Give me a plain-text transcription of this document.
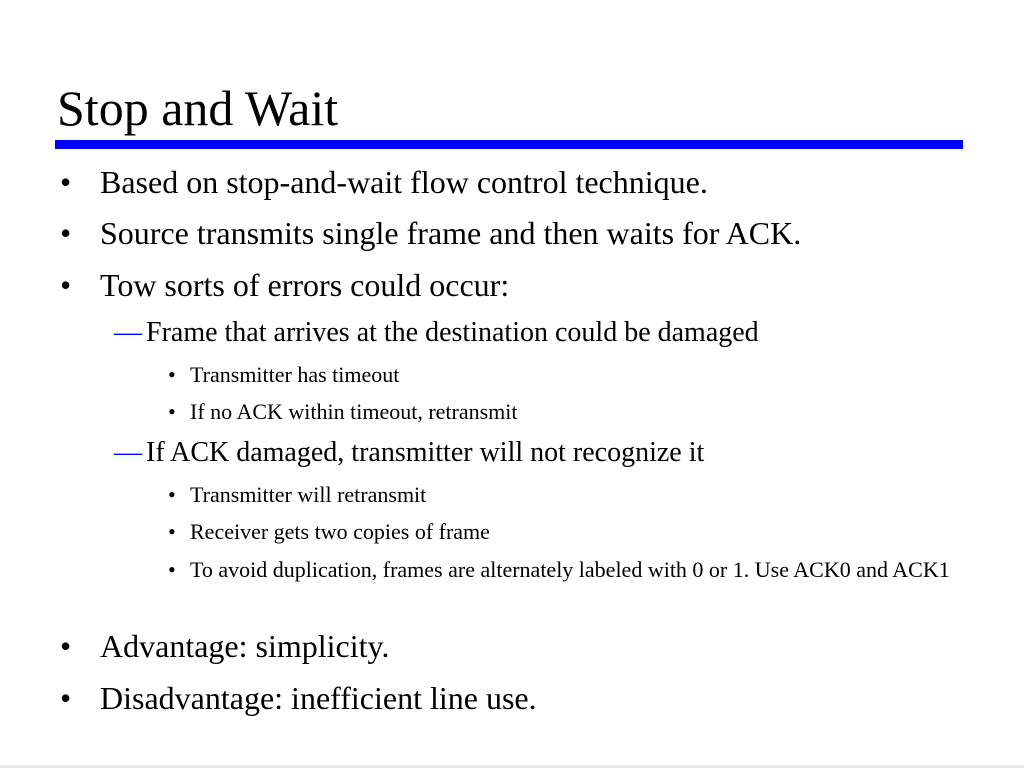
Stop and Wait
• Based on stop-and-wait flow control technique.
• Source transmits single frame and then waits for ACK.
• Tow sorts of errors could occur:
— Frame that arrives at the destination could be damaged
• Transmitter has timeout
• If no ACK within timeout, retransmit
— If ACK damaged, transmitter will not recognize it
• Transmitter will retransmit
• Receiver gets two copies of frame
• To avoid duplication, frames are alternately labeled with 0 or 1. Use ACK0 and ACK1
• Advantage: simplicity.
• Disadvantage: inefficient line use.
